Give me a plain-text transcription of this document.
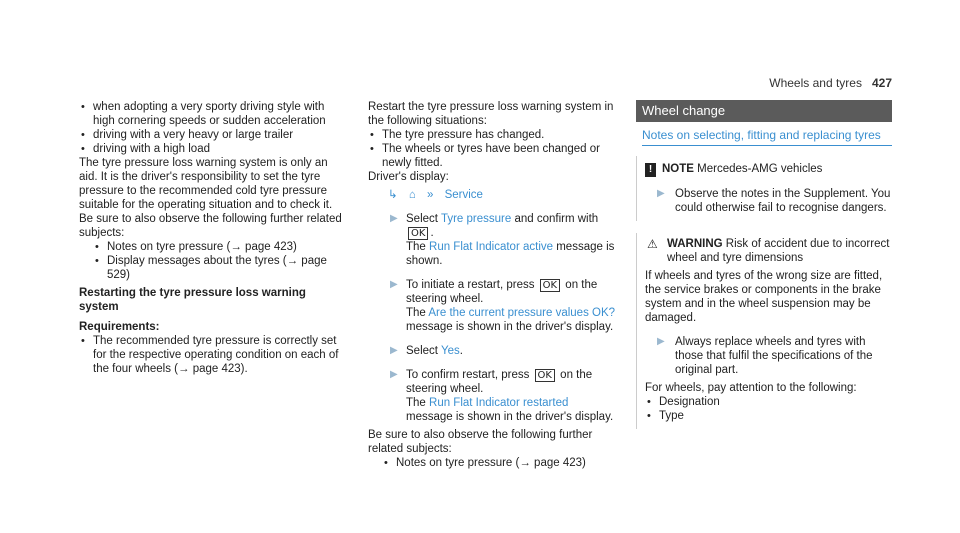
Wheels and tyres 427
• when adopting a very sporty driving style with high cornering speeds or sudden acceleration
• driving with a very heavy or large trailer
• driving with a high load

The tyre pressure loss warning system is only an aid. It is the driver's responsibility to set the tyre pressure to the recommended cold tyre pressure suitable for the operating situation and to check it.

Be sure to also observe the following further related subjects:

• Notes on tyre pressure (→ page 423)
• Display messages about the tyres (→ page 529)

Restarting the tyre pressure loss warning system

Requirements:

• The recommended tyre pressure is correctly set for the respective operating condition on each of the four wheels (→ page 423).

Restart the tyre pressure loss warning system in the following situations:

• The tyre pressure has changed.
• The wheels or tyres have been changed or newly fitted.

Driver's display:

↳ ⌂ » Service
▶ Select Tyre pressure and confirm with OK .
The Run Flat Indicator active message is shown.
▶ To initiate a restart, press OK on the steering wheel.
The Are the current pressure values OK? message is shown in the driver's display.
▶ Select Yes.
▶ To confirm restart, press OK on the steering wheel.
The Run Flat Indicator restarted message is shown in the driver's display.

Be sure to also observe the following further related subjects:

• Notes on tyre pressure (→ page 423)
Wheel change
Notes on selecting, fitting and replacing tyres

! NOTE Mercedes-AMG vehicles

▶ Observe the notes in the Supplement. You could otherwise fail to recognise dangers.
⚠ WARNING Risk of accident due to incorrect wheel and tyre dimensions

If wheels and tyres of the wrong size are fitted, the service brakes or components in the brake system and in the wheel suspension may be damaged.

▶ Always replace wheels and tyres with those that fulfil the specifications of the original part.

For wheels, pay attention to the following:

• Designation
• Type
